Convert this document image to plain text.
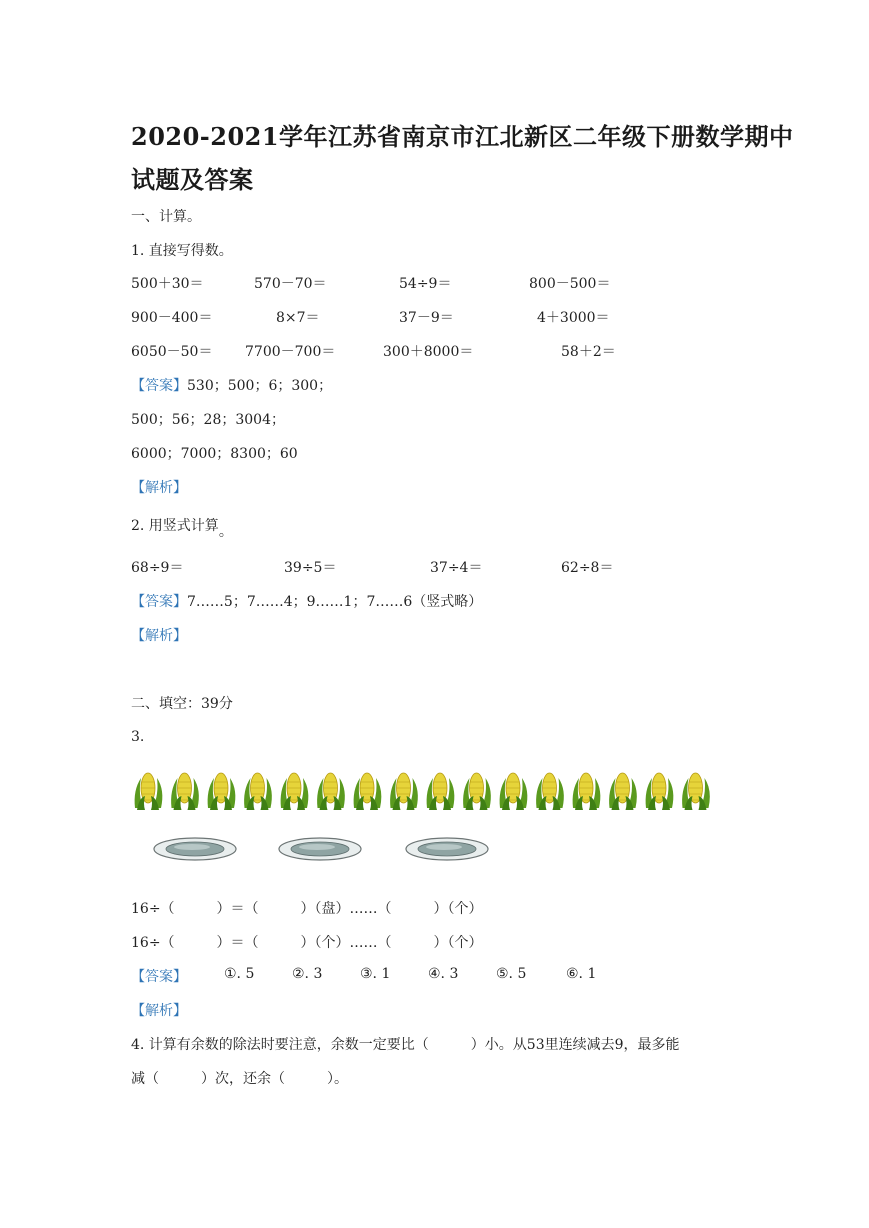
2020-2021学年江苏省南京市江北新区二年级下册数学期中
试题及答案
一、计算。
1. 直接写得数。
500＋30＝	570－70＝	54÷9＝	800－500＝
900－400＝	8×7＝	37－9＝	4＋3000＝
6050－50＝ 7700－700＝	300＋8000＝	58＋2＝
【答案】530；500；6；300；
500；56；28；3004；
6000；7000；8300；60
【解析】
2. 用竖式计算。
68÷9＝	39÷5＝	37÷4＝	62÷8＝
【答案】7……5；7……4；9……1；7……6（竖式略）
【解析】
二、填空：39分
3.
16÷（　　　）＝（　　　）（盘）……（　　　）（个）
16÷（　　　）＝（　　　）（个）……（　　　）（个）
【答案】	①. 5	②. 3	③. 1	④. 3	⑤. 5	⑥. 1
【解析】
4. 计算有余数的除法时要注意，余数一定要比（　　　）小。从53里连续减去9，最多能
减（　　　）次，还余（　　　）。
